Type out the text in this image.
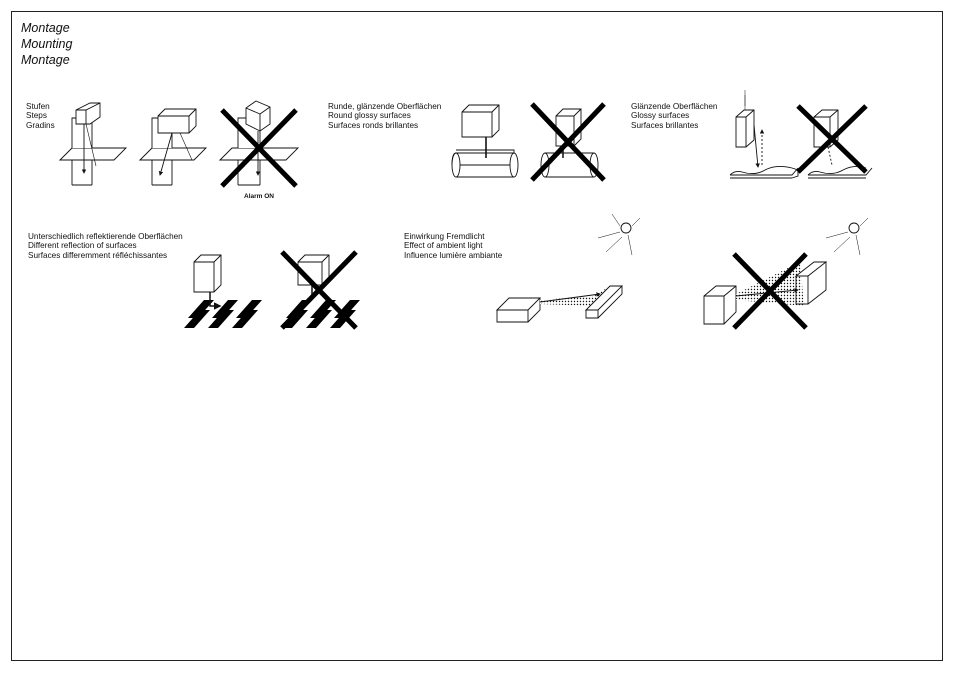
Montage
Mounting
Montage
Stufen
Steps
Gradins
Runde, glänzende Oberflächen
Round glossy surfaces
Surfaces ronds brillantes
Glänzende Oberflächen
Glossy surfaces
Surfaces brillantes
Unterschiedlich reflektierende Oberflächen
Different reflection of surfaces
Surfaces differemment réfléchissantes
Einwirkung Fremdlicht
Effect of ambient light
Influence lumière ambiante
Alarm ON
